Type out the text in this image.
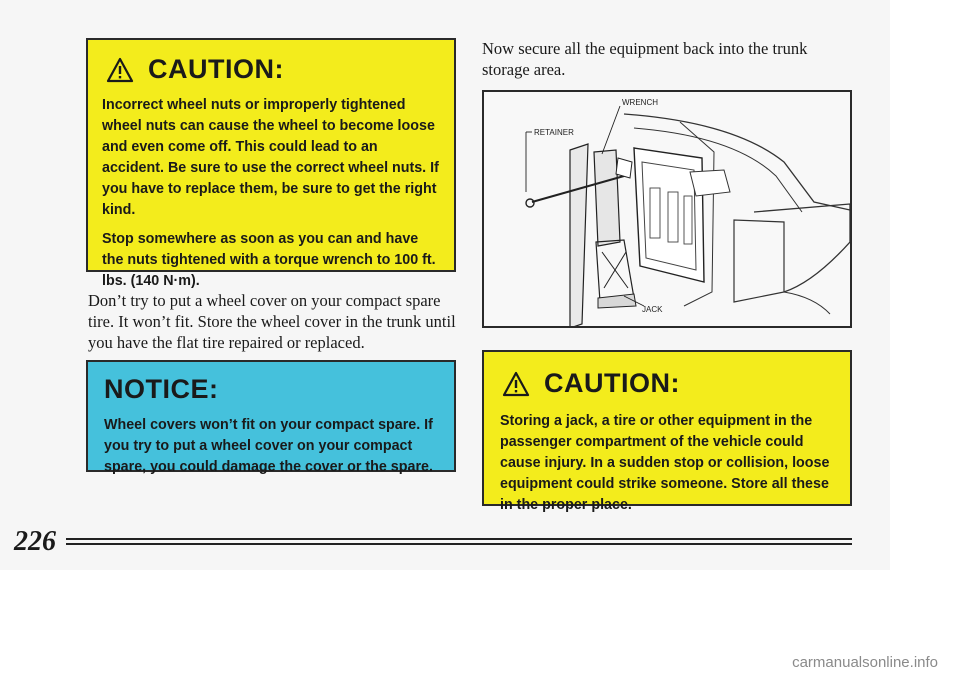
CAUTION:

Incorrect wheel nuts or improperly tightened wheel nuts can cause the wheel to become loose and even come off. This could lead to an accident. Be sure to use the correct wheel nuts. If you have to replace them, be sure to get the right kind.

Stop somewhere as soon as you can and have the nuts tightened with a torque wrench to 100 ft. lbs. (140 N·m).

Don’t try to put a wheel cover on your compact spare tire. It won’t fit. Store the wheel cover in the trunk until you have the flat tire repaired or replaced.
NOTICE:

Wheel covers won’t fit on your compact spare. If you try to put a wheel cover on your compact spare, you could damage the cover or the spare.

Now secure all the equipment back into the trunk storage area.
WRENCH
RETAINER
JACK
CAUTION:

Storing a jack, a tire or other equipment in the passenger compartment of the vehicle could cause injury. In a sudden stop or collision, loose equipment could strike someone. Store all these in the proper place.

226
carmanualsonline.info
